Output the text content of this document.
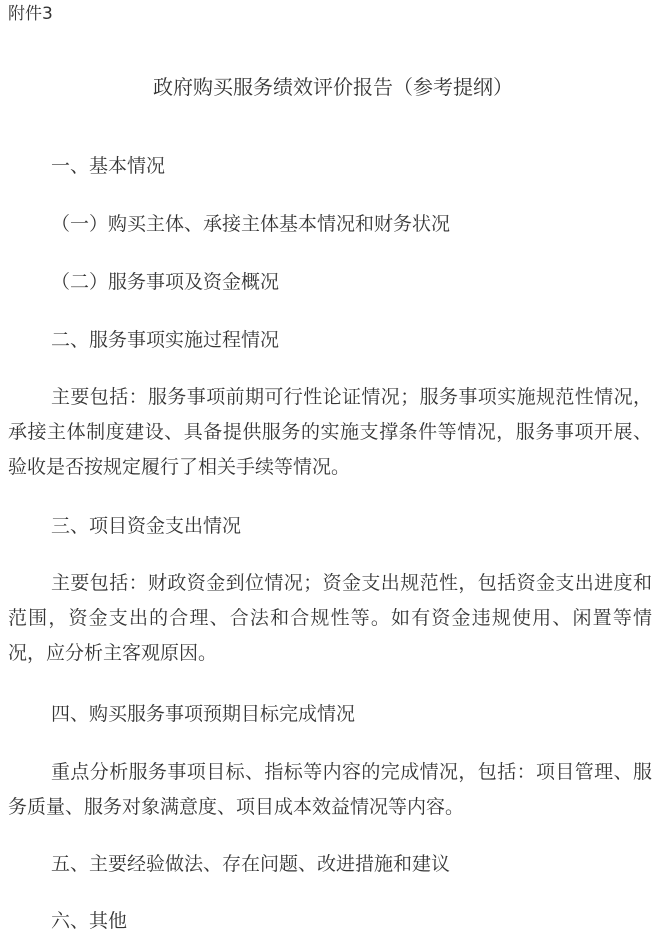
附件3
政府购买服务绩效评价报告（参考提纲）
一、基本情况
（一）购买主体、承接主体基本情况和财务状况
（二）服务事项及资金概况
二、服务事项实施过程情况

主要包括：服务事项前期可行性论证情况；服务事项实施规范性情况，承接主体制度建设、具备提供服务的实施支撑条件等情况，服务事项开展、验收是否按规定履行了相关手续等情况。

三、项目资金支出情况

主要包括：财政资金到位情况；资金支出规范性，包括资金支出进度和范围，资金支出的合理、合法和合规性等。如有资金违规使用、闲置等情况，应分析主客观原因。

四、购买服务事项预期目标完成情况

重点分析服务事项目标、指标等内容的完成情况，包括：项目管理、服务质量、服务对象满意度、项目成本效益情况等内容。

五、主要经验做法、存在问题、改进措施和建议
六、其他
